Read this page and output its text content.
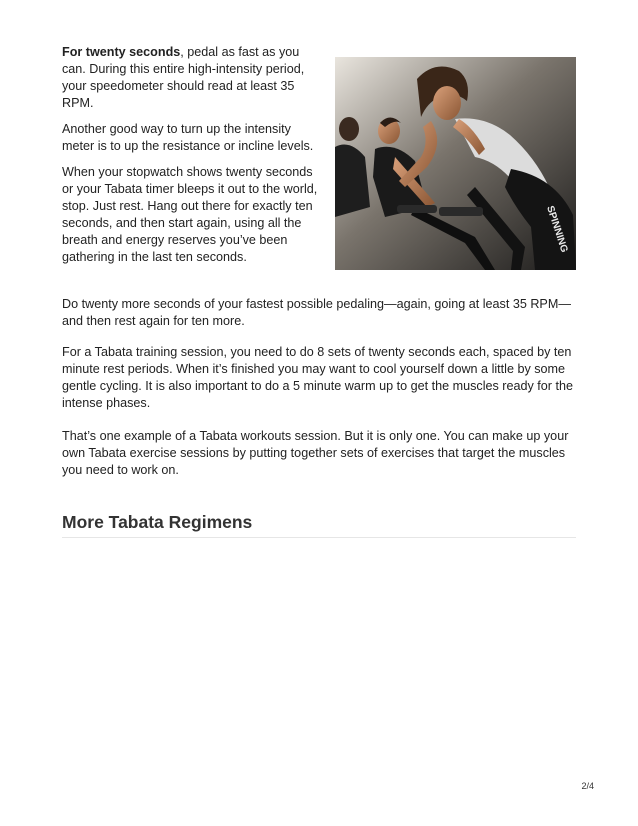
For twenty seconds, pedal as fast as you can. During this entire high-intensity period, your speedometer should read at least 35 RPM.

Another good way to turn up the intensity meter is to up the resistance or incline levels.

When your stopwatch shows twenty seconds or your Tabata timer bleeps it out to the world, stop. Just rest. Hang out there for exactly ten seconds, and then start again, using all the breath and energy reserves you’ve been gathering in the last ten seconds.

SPINNING

Do twenty more seconds of your fastest possible pedaling—again, going at least 35 RPM—and then rest again for ten more.

For a Tabata training session, you need to do 8 sets of twenty seconds each, spaced by ten minute rest periods. When it’s finished you may want to cool yourself down a little by some gentle cycling. It is also important to do a 5 minute warm up to get the muscles ready for the intense phases.

That’s one example of a Tabata workouts session. But it is only one. You can make up your own Tabata exercise sessions by putting together sets of exercises that target the muscles you need to work on.

More Tabata Regimens
2/4
